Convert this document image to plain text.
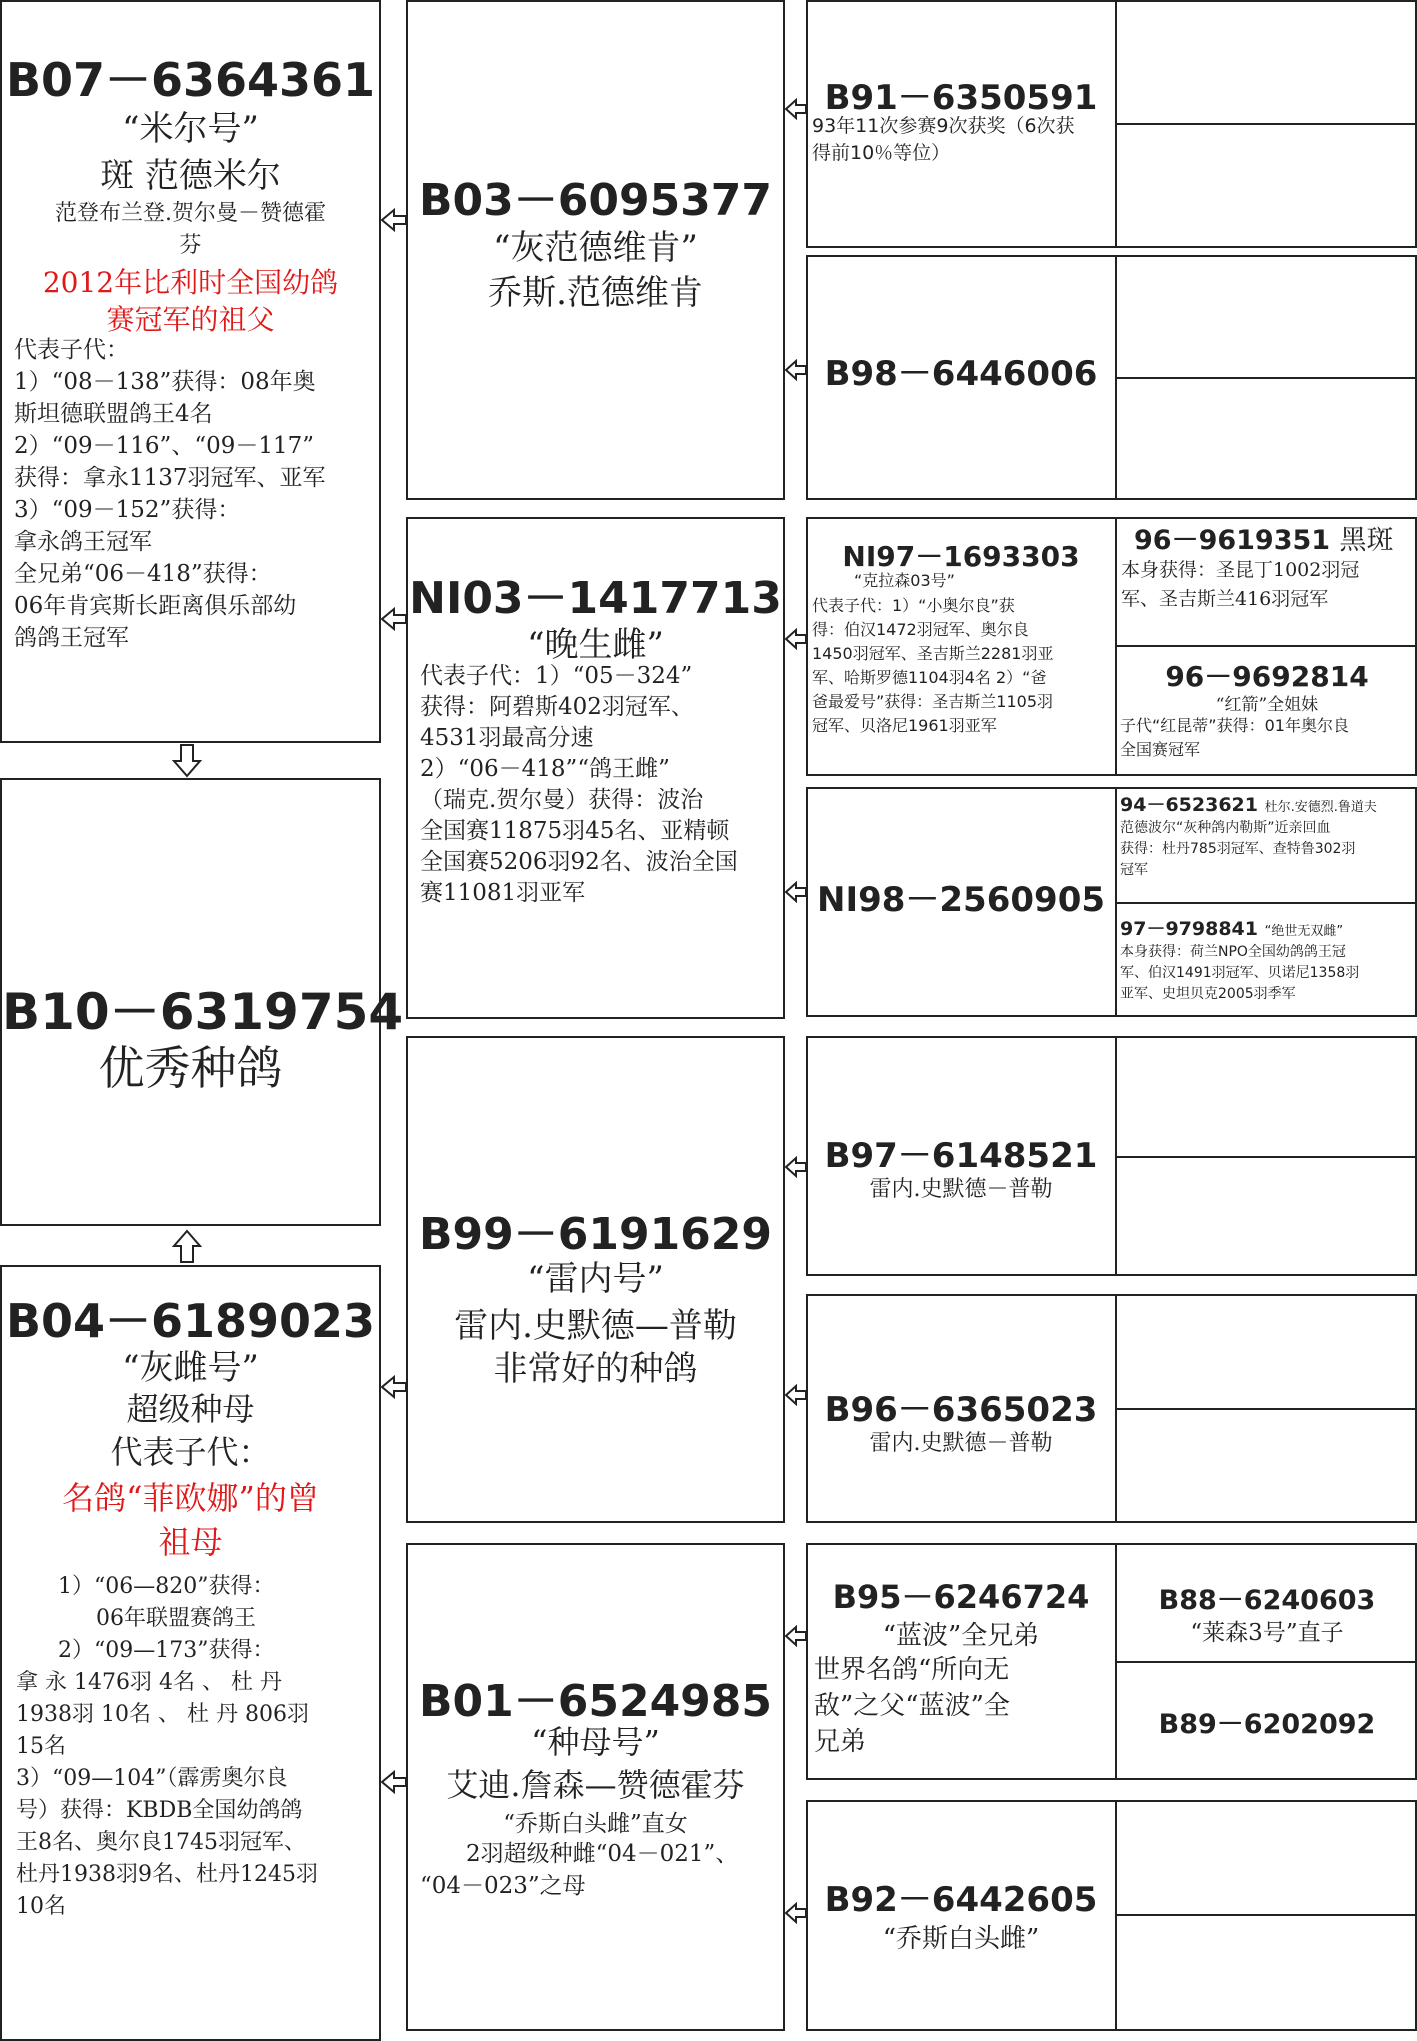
B07－6364361
“米尔号”
斑 范德米尔
范登布兰登.贺尔曼－赞德霍
芬
2012年比利时全国幼鸽
赛冠军的祖父
代表子代：
1）“08－138”获得：08年奥
斯坦德联盟鸽王4名
2）“09－116”、“09－117”
获得：拿永1137羽冠军、亚军
3）“09－152”获得：
拿永鸽王冠军
全兄弟“06－418”获得：
06年肯宾斯长距离俱乐部幼
鸽鸽王冠军
B10－6319754
优秀种鸽
B04－6189023
“灰雌号”
超级种母
代表子代：
名鸽“菲欧娜”的曾
祖母
1）“06—820”获得：
06年联盟赛鸽王
2）“09—173”获得：
拿 永 1476羽 4名 、 杜 丹
1938羽 10名 、 杜 丹 806羽
15名
3）“09—104”（霹雳奥尔良
号）获得：KBDB全国幼鸽鸽
王8名、奥尔良1745羽冠军、
杜丹1938羽9名、杜丹1245羽
10名
B03－6095377
“灰范德维肯”
乔斯.范德维肯
NI03－1417713
“晚生雌”
代表子代：1）“05－324”
获得：阿碧斯402羽冠军、
4531羽最高分速
2）“06－418”“鸽王雌”
（瑞克.贺尔曼）获得：波治
全国赛11875羽45名、亚精顿
全国赛5206羽92名、波治全国
赛11081羽亚军
B99－6191629
“雷内号”
雷内.史默德—普勒
非常好的种鸽
B01－6524985
“种母号”
艾迪.詹森—赞德霍芬
“乔斯白头雌”直女
2羽超级种雌“04－021”、
“04－023”之母
B91－6350591
93年11次参赛9次获奖（6次获
得前10％等位）
B98－6446006
NI97－1693303
“克拉森03号”
代表子代：1）“小奥尔良”获
得：伯汉1472羽冠军、奥尔良
1450羽冠军、圣吉斯兰2281羽亚
军、哈斯罗德1104羽4名 2）“爸
爸最爱号”获得：圣吉斯兰1105羽
冠军、贝洛尼1961羽亚军
96－9619351 黑斑
本身获得：圣昆丁1002羽冠
军、圣吉斯兰416羽冠军
96－9692814
“红箭”全姐妹
子代“红昆蒂”获得：01年奥尔良
全国赛冠军
NI98－2560905
94－6523621 杜尔.安德烈.鲁道夫
范德波尔“灰种鸽内勒斯”近亲回血
获得：杜丹785羽冠军、查特鲁302羽
冠军
97－9798841 “绝世无双雌”
本身获得：荷兰NPO全国幼鸽鸽王冠
军、伯汉1491羽冠军、贝诺尼1358羽
亚军、史坦贝克2005羽季军
B97－6148521
雷内.史默德－普勒
B96－6365023
雷内.史默德－普勒
B95－6246724
“蓝波”全兄弟
世界名鸽“所向无
敌”之父“蓝波”全
兄弟
B88－6240603
“莱森3号”直子
B89－6202092
B92－6442605
“乔斯白头雌”
